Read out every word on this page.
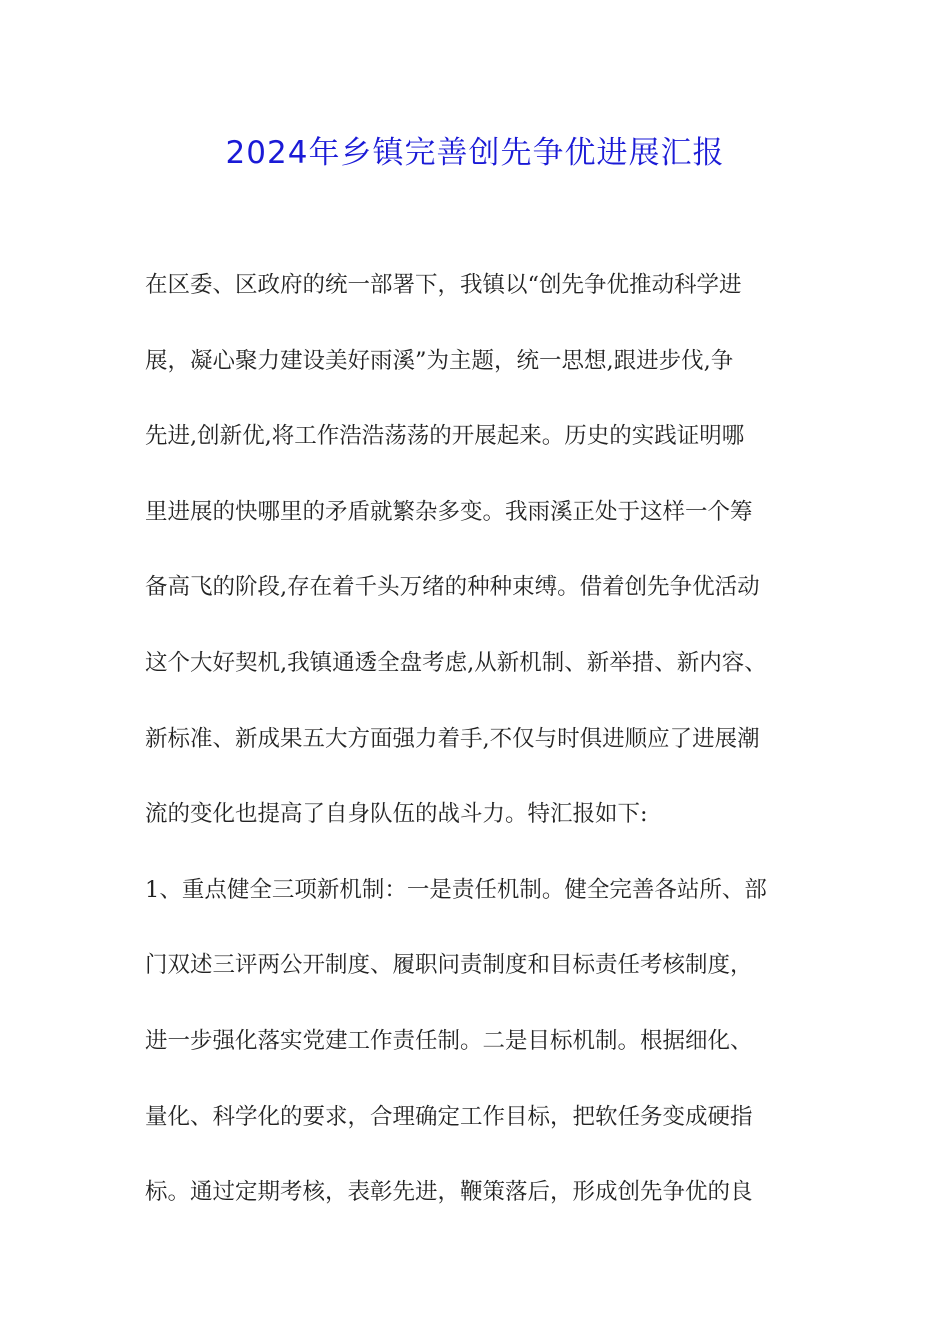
2024年乡镇完善创先争优进展汇报
在区委、区政府的统一部署下，我镇以“创先争优推动科学进
展，凝心聚力建设美好雨溪”为主题，统一思想,跟进步伐,争
先进,创新优,将工作浩浩荡荡的开展起来。历史的实践证明哪
里进展的快哪里的矛盾就繁杂多变。我雨溪正处于这样一个筹
备高飞的阶段,存在着千头万绪的种种束缚。借着创先争优活动
这个大好契机,我镇通透全盘考虑,从新机制、新举措、新内容、
新标准、新成果五大方面强力着手,不仅与时俱进顺应了进展潮
流的变化也提高了自身队伍的战斗力。特汇报如下:
1、重点健全三项新机制：一是责任机制。健全完善各站所、部
门双述三评两公开制度、履职问责制度和目标责任考核制度，
进一步强化落实党建工作责任制。二是目标机制。根据细化、
量化、科学化的要求，合理确定工作目标，把软任务变成硬指
标。通过定期考核，表彰先进，鞭策落后，形成创先争优的良
